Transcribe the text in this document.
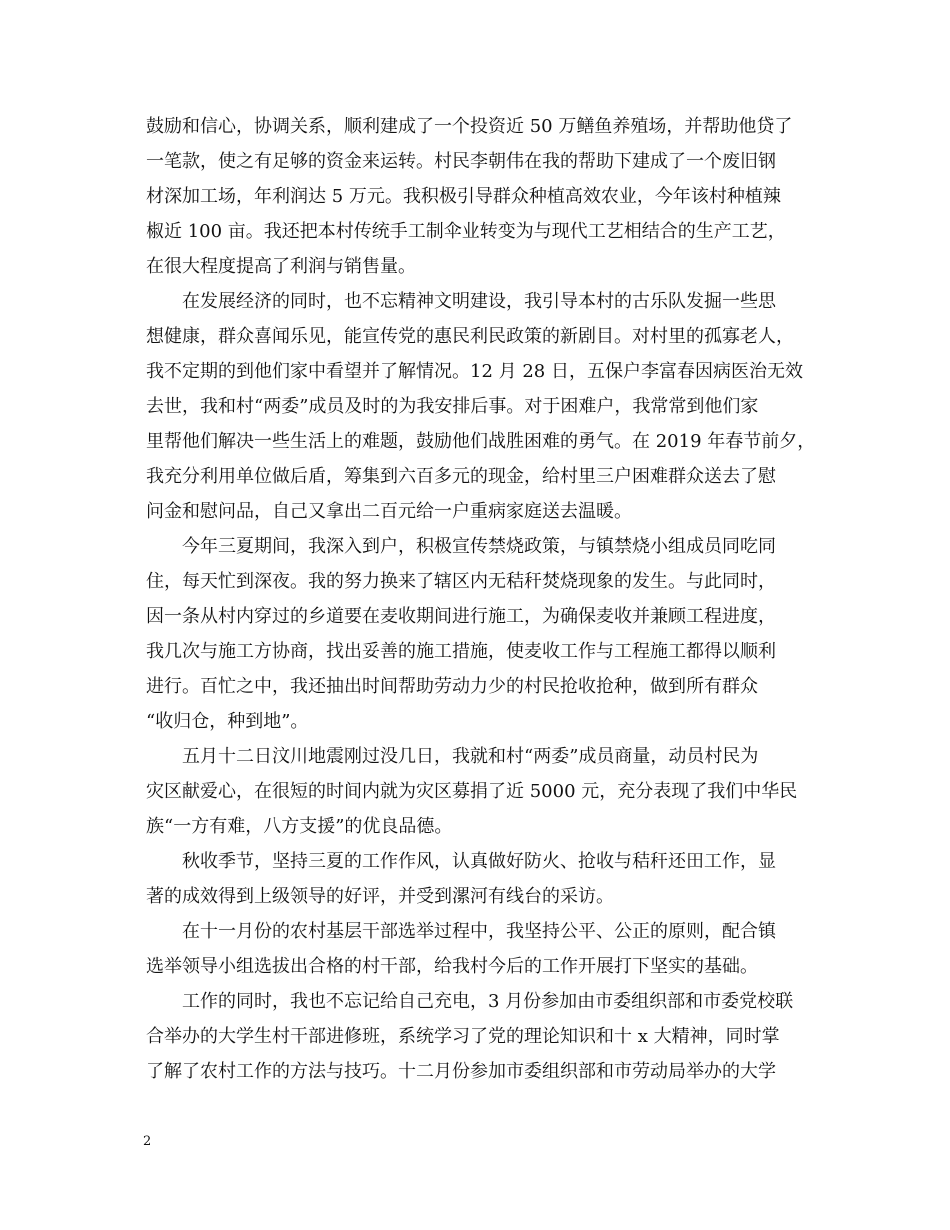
鼓励和信心，协调关系，顺利建成了一个投资近 50 万鳝鱼养殖场，并帮助他贷了
一笔款，使之有足够的资金来运转。村民李朝伟在我的帮助下建成了一个废旧钢
材深加工场，年利润达 5 万元。我积极引导群众种植高效农业，今年该村种植辣
椒近 100 亩。我还把本村传统手工制伞业转变为与现代工艺相结合的生产工艺，
在很大程度提高了利润与销售量。
在发展经济的同时，也不忘精神文明建设，我引导本村的古乐队发掘一些思
想健康，群众喜闻乐见，能宣传党的惠民利民政策的新剧目。对村里的孤寡老人，
我不定期的到他们家中看望并了解情况。12 月 28 日，五保户李富春因病医治无效
去世，我和村“两委”成员及时的为我安排后事。对于困难户，我常常到他们家
里帮他们解决一些生活上的难题，鼓励他们战胜困难的勇气。在 2019 年春节前夕，
我充分利用单位做后盾，筹集到六百多元的现金，给村里三户困难群众送去了慰
问金和慰问品，自己又拿出二百元给一户重病家庭送去温暖。
今年三夏期间，我深入到户，积极宣传禁烧政策，与镇禁烧小组成员同吃同
住，每天忙到深夜。我的努力换来了辖区内无秸秆焚烧现象的发生。与此同时，
因一条从村内穿过的乡道要在麦收期间进行施工，为确保麦收并兼顾工程进度，
我几次与施工方协商，找出妥善的施工措施，使麦收工作与工程施工都得以顺利
进行。百忙之中，我还抽出时间帮助劳动力少的村民抢收抢种，做到所有群众
“收归仓，种到地”。
五月十二日汶川地震刚过没几日，我就和村“两委”成员商量，动员村民为
灾区献爱心，在很短的时间内就为灾区募捐了近 5000 元，充分表现了我们中华民
族“一方有难，八方支援”的优良品德。
秋收季节，坚持三夏的工作作风，认真做好防火、抢收与秸秆还田工作，显
著的成效得到上级领导的好评，并受到漯河有线台的采访。
在十一月份的农村基层干部选举过程中，我坚持公平、公正的原则，配合镇
选举领导小组选拔出合格的村干部，给我村今后的工作开展打下坚实的基础。
工作的同时，我也不忘记给自己充电，3 月份参加由市委组织部和市委党校联
合举办的大学生村干部进修班，系统学习了党的理论知识和十 x 大精神，同时掌
了解了农村工作的方法与技巧。十二月份参加市委组织部和市劳动局举办的大学
2
